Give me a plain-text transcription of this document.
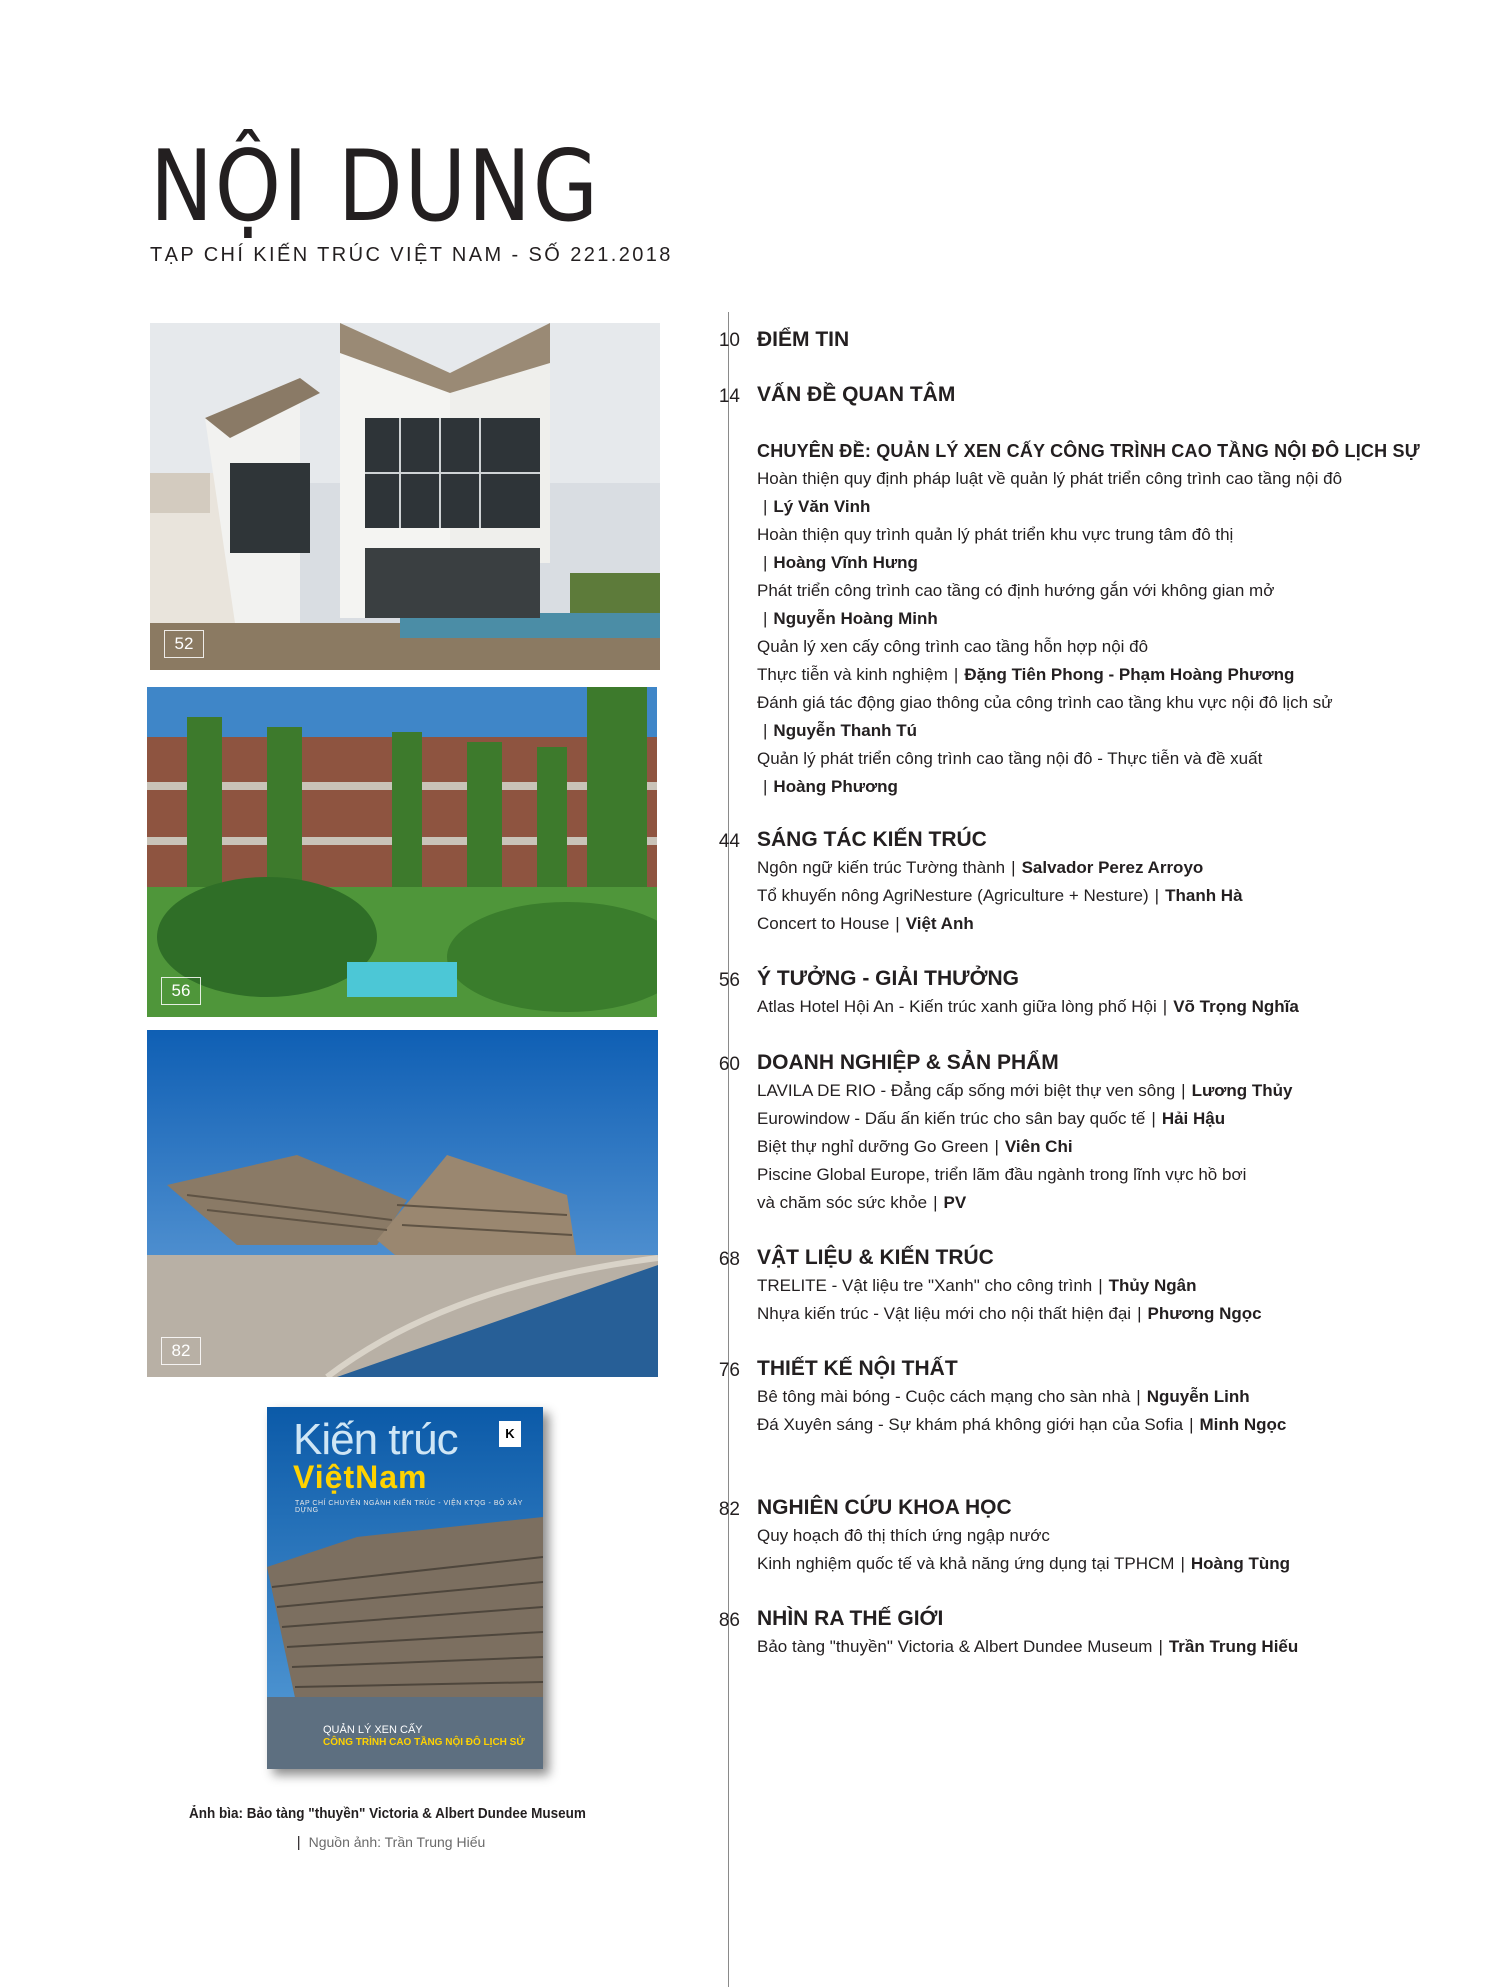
NỘI DUNG
TẠP CHÍ KIẾN TRÚC VIỆT NAM - SỐ 221.2018
52
56
82
Kiến trúc
ViệtNam
TẠP CHÍ CHUYÊN NGÀNH KIẾN TRÚC - VIỆN KTQG - BỘ XÂY DỰNG
K
QUẢN LÝ XEN CẤY
CÔNG TRÌNH CAO TẦNG NỘI ĐÔ LỊCH SỬ
Ảnh bìa: Bảo tàng "thuyền" Victoria & Albert Dundee Museum| Nguồn ảnh: Trần Trung Hiếu
10 ĐIỂM TIN
14 VẤN ĐỀ QUAN TÂM
CHUYÊN ĐỀ: QUẢN LÝ XEN CẤY CÔNG TRÌNH CAO TẦNG NỘI ĐÔ LỊCH SỰ
Hoàn thiện quy định pháp luật về quản lý phát triển công trình cao tầng nội đô
| Lý Văn Vinh
Hoàn thiện quy trình quản lý phát triển khu vực trung tâm đô thị
| Hoàng Vĩnh Hưng
Phát triển công trình cao tầng có định hướng gắn với không gian mở
| Nguyễn Hoàng Minh
Quản lý xen cấy công trình cao tầng hỗn hợp nội đô
Thực tiễn và kinh nghiệm | Đặng Tiên Phong - Phạm Hoàng Phương
Đánh giá tác động giao thông của công trình cao tầng khu vực nội đô lịch sử
| Nguyễn Thanh Tú
Quản lý phát triển công trình cao tầng nội đô - Thực tiễn và đề xuất
| Hoàng Phương
44 SÁNG TÁC KIẾN TRÚC
Ngôn ngữ kiến trúc Tường thành | Salvador Perez Arroyo
Tổ khuyến nông AgriNesture (Agriculture + Nesture) | Thanh Hà
Concert to House | Việt Anh
56 Ý TƯỞNG - GIẢI THƯỞNG
Atlas Hotel Hội An - Kiến trúc xanh giữa lòng phố Hội | Võ Trọng Nghĩa
60 DOANH NGHIỆP & SẢN PHẨM
LAVILA DE RIO - Đẳng cấp sống mới biệt thự ven sông | Lương Thủy
Eurowindow - Dấu ấn kiến trúc cho sân bay quốc tế | Hải Hậu
Biệt thự nghỉ dưỡng Go Green | Viên Chi
Piscine Global Europe, triển lãm đầu ngành trong lĩnh vực hồ bơi
và chăm sóc sức khỏe | PV
68 VẬT LIỆU & KIẾN TRÚC
TRELITE - Vật liệu tre "Xanh" cho công trình | Thủy Ngân
Nhựa kiến trúc - Vật liệu mới cho nội thất hiện đại | Phương Ngọc
76 THIẾT KẾ NỘI THẤT
Bê tông mài bóng - Cuộc cách mạng cho sàn nhà | Nguyễn Linh
Đá Xuyên sáng - Sự khám phá không giới hạn của Sofia | Minh Ngọc
82 NGHIÊN CỨU KHOA HỌC
Quy hoạch đô thị thích ứng ngập nước
Kinh nghiệm quốc tế và khả năng ứng dụng tại TPHCM | Hoàng Tùng
86 NHÌN RA THẾ GIỚI
Bảo tàng "thuyền" Victoria & Albert Dundee Museum | Trần Trung Hiếu
